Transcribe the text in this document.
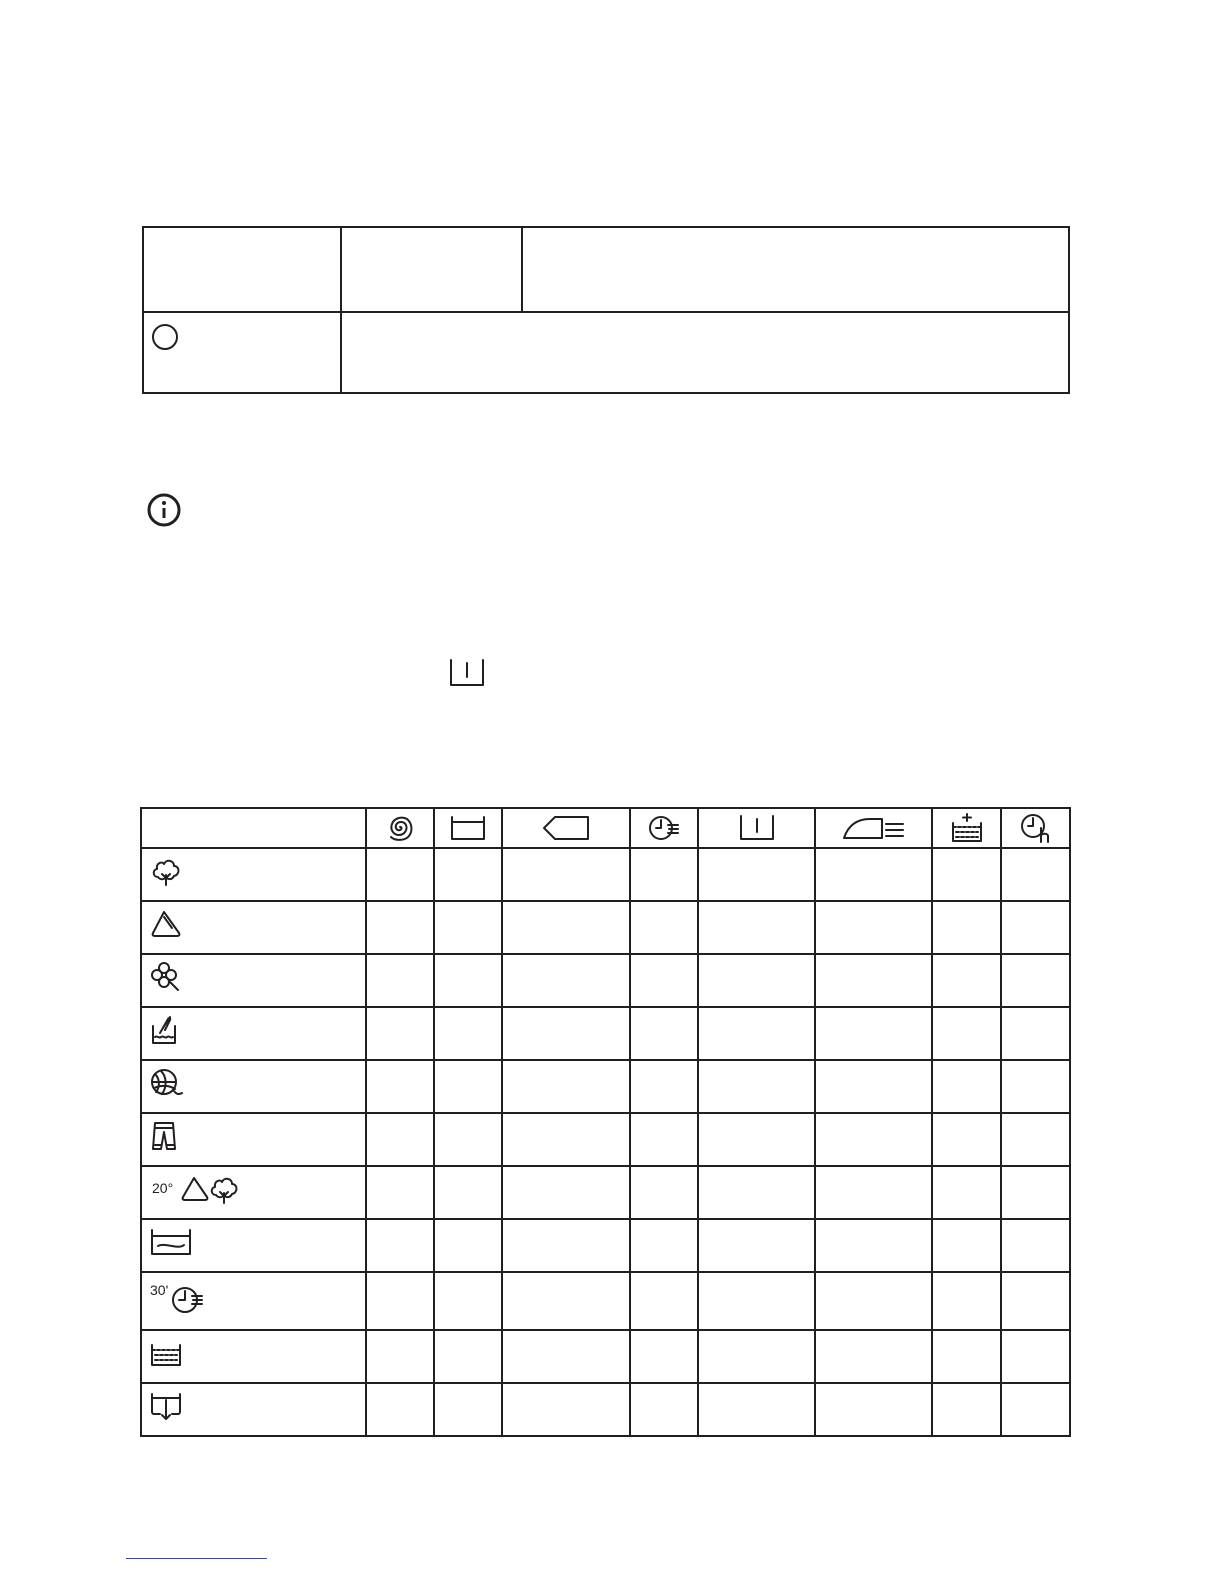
20°								

30'								
